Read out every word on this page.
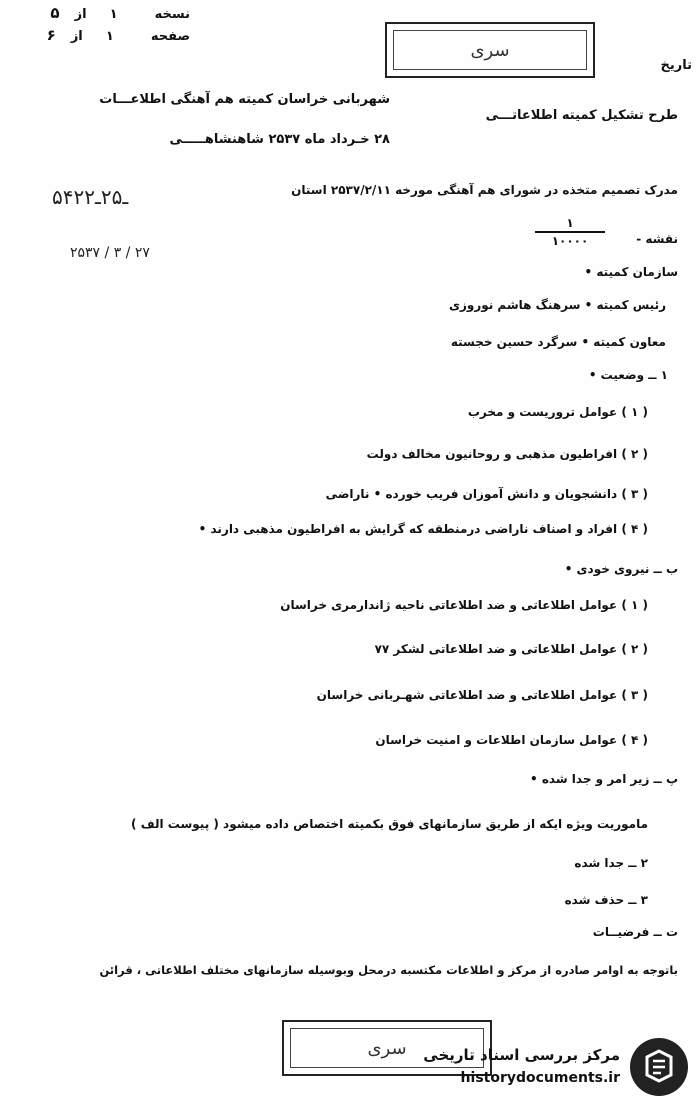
نسخه  ۱  از  ۵
صفحه  ۱  از  ۶
سری
تاریخ
شهربانی خراسان کمیته هم آهنگی اطلاعـــات
طرح تشکیل کمیته اطلاعاتـــی
۲۸ خـرداد ماه ۲۵۳۷ شاهنشاهـــــی
۵۴۲ـ۲۵ـ۲
۲۵۳۷ / ۳ / ۲۷
مدرک تصمیم متخذه در شورای هم آهنگی مورخه ۲۵۳۷/۲/۱۱ استان
نقشه -
۱
۱۰۰۰۰
سازمان کمیته •
رئیس کمیته • سرهنگ هاشم نوروزی
معاون کمیته • سرگرد حسین خجسته
۱ ــ وضعیت •
( ۱ ) عوامل تروریست و مخرب
( ۲ ) افراطیون مذهبی و روحانیون مخالف دولت
( ۳ ) دانشجویان و دانش آموزان فریب خورده • ناراضی
( ۴ ) افراد و اصناف ناراضی درمنطقه که گرایش به افراطیون مذهبی دارند •
ب ــ نیروی خودی •
( ۱ ) عوامل اطلاعاتی و ضد اطلاعاتی ناحیه ژاندارمری خراسان
( ۲ ) عوامل اطلاعاتی و ضد اطلاعاتی لشکر ۷۷
( ۳ ) عوامل اطلاعاتی و ضد اطلاعاتی شهـربانی خراسان
( ۴ ) عوامل سازمان اطلاعات و امنیت خراسان
پ ــ زیر امر و جدا شده •
ماموریت ویژه ایکه از طریق سازمانهای فوق بکمیته اختصاص داده میشود ( پیوست الف )
۲ ــ جدا شده
۳ ــ حذف شده
ت ــ فرضیــات
باتوجه به اوامر صادره از مرکز و اطلاعات مکتسبه درمحل وبوسیله سازمانهای مختلف اطلاعاتی ، قرائن
سری مرکز بررسی اسناد تاریخی
historydocuments.ir
